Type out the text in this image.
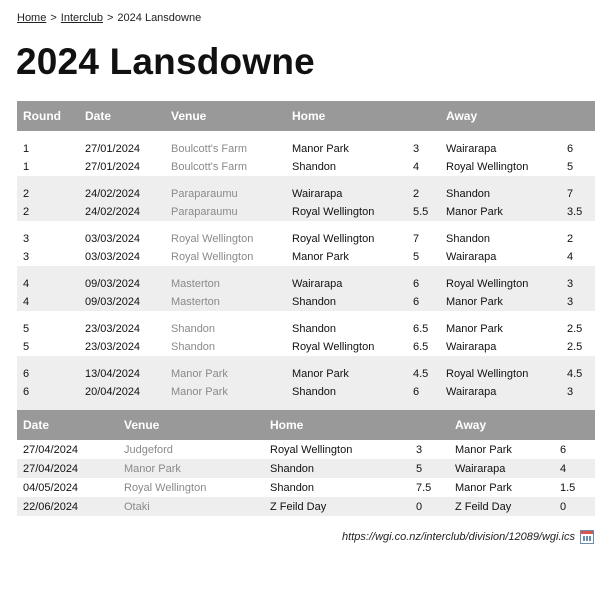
Home > Interclub > 2024 Lansdowne
2024 Lansdowne
Round	Date	Venue	Home		Away	

1	27/01/2024	Boulcott's Farm	Manor Park	3	Wairarapa	6
1	27/01/2024	Boulcott's Farm	Shandon	4	Royal Wellington	5

2	24/02/2024	Paraparaumu	Wairarapa	2	Shandon	7
2	24/02/2024	Paraparaumu	Royal Wellington	5.5	Manor Park	3.5

3	03/03/2024	Royal Wellington	Royal Wellington	7	Shandon	2
3	03/03/2024	Royal Wellington	Manor Park	5	Wairarapa	4

4	09/03/2024	Masterton	Wairarapa	6	Royal Wellington	3
4	09/03/2024	Masterton	Shandon	6	Manor Park	3

5	23/03/2024	Shandon	Shandon	6.5	Manor Park	2.5
5	23/03/2024	Shandon	Royal Wellington	6.5	Wairarapa	2.5

6	13/04/2024	Manor Park	Manor Park	4.5	Royal Wellington	4.5
6	20/04/2024	Manor Park	Shandon	6	Wairarapa	3

Date	Venue	Home		Away	
27/04/2024	Judgeford	Royal Wellington	3	Manor Park	6
27/04/2024	Manor Park	Shandon	5	Wairarapa	4
04/05/2024	Royal Wellington	Shandon	7.5	Manor Park	1.5
22/06/2024	Otaki	Z Feild Day	0	Z Feild Day	0
https://wgi.co.nz/interclub/division/12089/wgi.ics
